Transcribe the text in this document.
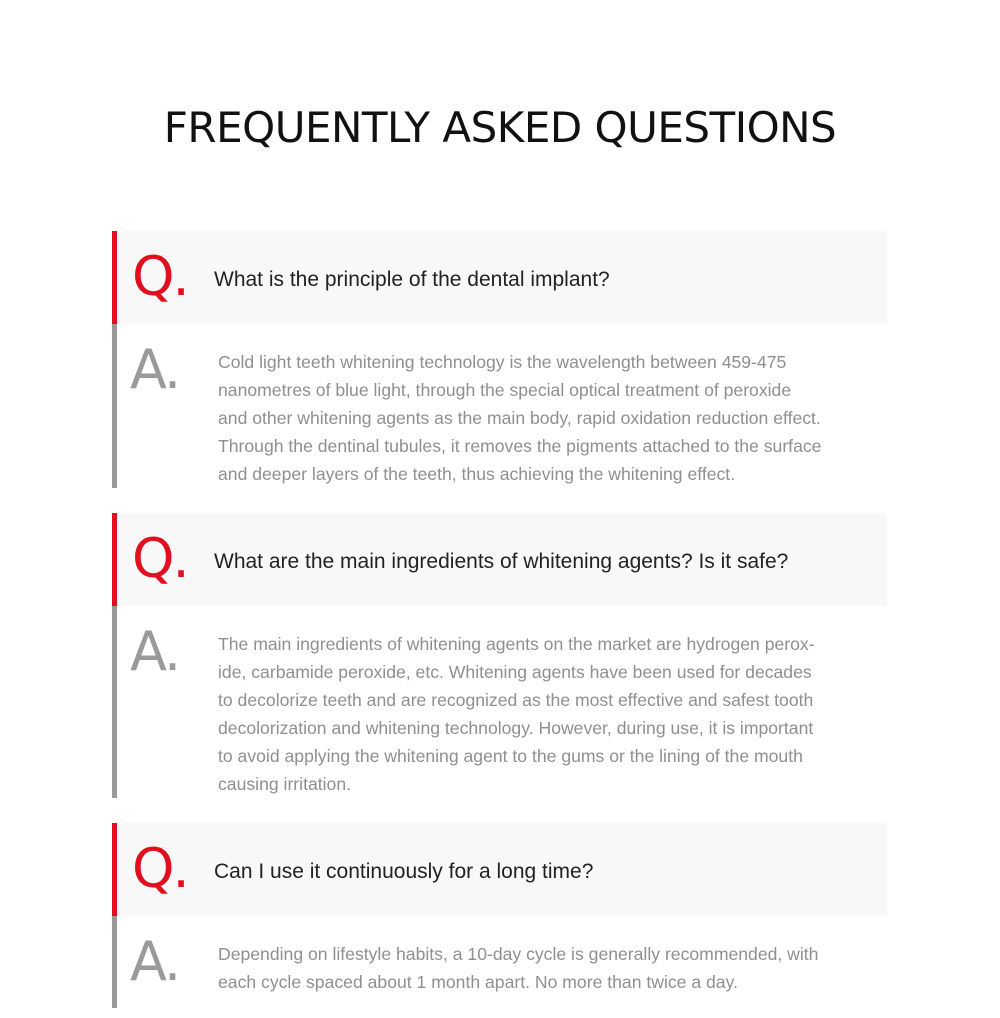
FREQUENTLY ASKED QUESTIONS
Q. What is the principle of the dental implant?
A. Cold light teeth whitening technology is the wavelength between 459-475
nanometres of blue light, through the special optical treatment of peroxide
and other whitening agents as the main body, rapid oxidation reduction effect.
Through the dentinal tubules, it removes the pigments attached to the surface
and deeper layers of the teeth, thus achieving the whitening effect.

Q. What are the main ingredients of whitening agents? Is it safe?
A. The main ingredients of whitening agents on the market are hydrogen perox-
ide, carbamide peroxide, etc. Whitening agents have been used for decades
to decolorize teeth and are recognized as the most effective and safest tooth
decolorization and whitening technology. However, during use, it is important
to avoid applying the whitening agent to the gums or the lining of the mouth
causing irritation.

Q. Can I use it continuously for a long time?
A. Depending on lifestyle habits, a 10-day cycle is generally recommended, with
each cycle spaced about 1 month apart. No more than twice a day.
